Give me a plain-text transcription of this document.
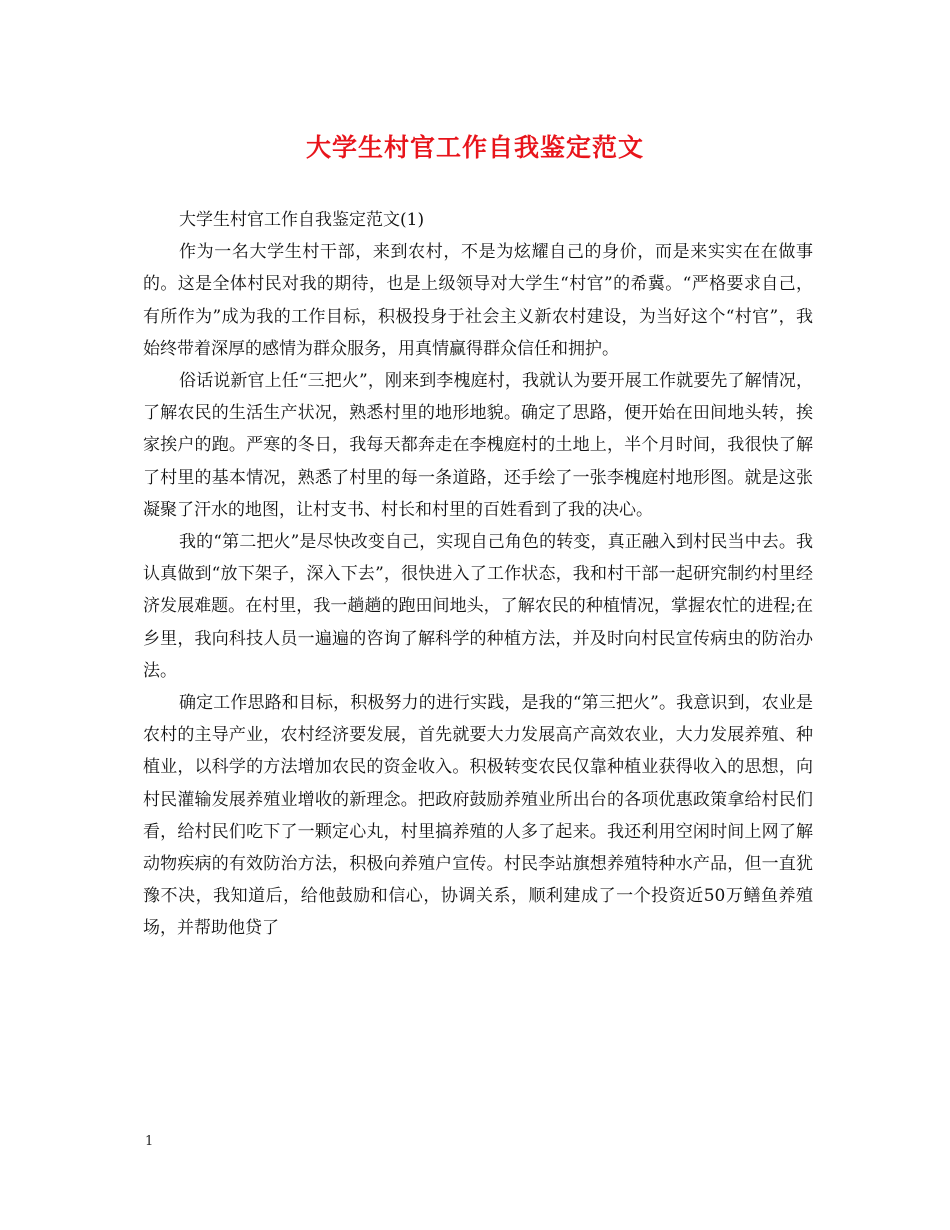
大学生村官工作自我鉴定范文

大学生村官工作自我鉴定范文(1)

作为一名大学生村干部，来到农村，不是为炫耀自己的身价，而是来实实在在做事的。这是全体村民对我的期待，也是上级领导对大学生“村官”的希冀。“严格要求自己，有所作为”成为我的工作目标，积极投身于社会主义新农村建设，为当好这个“村官”，我始终带着深厚的感情为群众服务，用真情赢得群众信任和拥护。

俗话说新官上任“三把火”，刚来到李槐庭村，我就认为要开展工作就要先了解情况，了解农民的生活生产状况，熟悉村里的地形地貌。确定了思路，便开始在田间地头转，挨家挨户的跑。严寒的冬日，我每天都奔走在李槐庭村的土地上，半个月时间，我很快了解了村里的基本情况，熟悉了村里的每一条道路，还手绘了一张李槐庭村地形图。就是这张凝聚了汗水的地图，让村支书、村长和村里的百姓看到了我的决心。

我的“第二把火”是尽快改变自己，实现自己角色的转变，真正融入到村民当中去。我认真做到“放下架子，深入下去”，很快进入了工作状态，我和村干部一起研究制约村里经济发展难题。在村里，我一趟趟的跑田间地头，了解农民的种植情况，掌握农忙的进程;在乡里，我向科技人员一遍遍的咨询了解科学的种植方法，并及时向村民宣传病虫的防治办法。

确定工作思路和目标，积极努力的进行实践，是我的“第三把火”。我意识到，农业是农村的主导产业，农村经济要发展，首先就要大力发展高产高效农业，大力发展养殖、种植业，以科学的方法增加农民的资金收入。积极转变农民仅靠种植业获得收入的思想，向村民灌输发展养殖业增收的新理念。把政府鼓励养殖业所出台的各项优惠政策拿给村民们看，给村民们吃下了一颗定心丸，村里搞养殖的人多了起来。我还利用空闲时间上网了解动物疾病的有效防治方法，积极向养殖户宣传。村民李站旗想养殖特种水产品，但一直犹豫不决，我知道后，给他鼓励和信心，协调关系，顺利建成了一个投资近50万鳝鱼养殖场，并帮助他贷了

1
